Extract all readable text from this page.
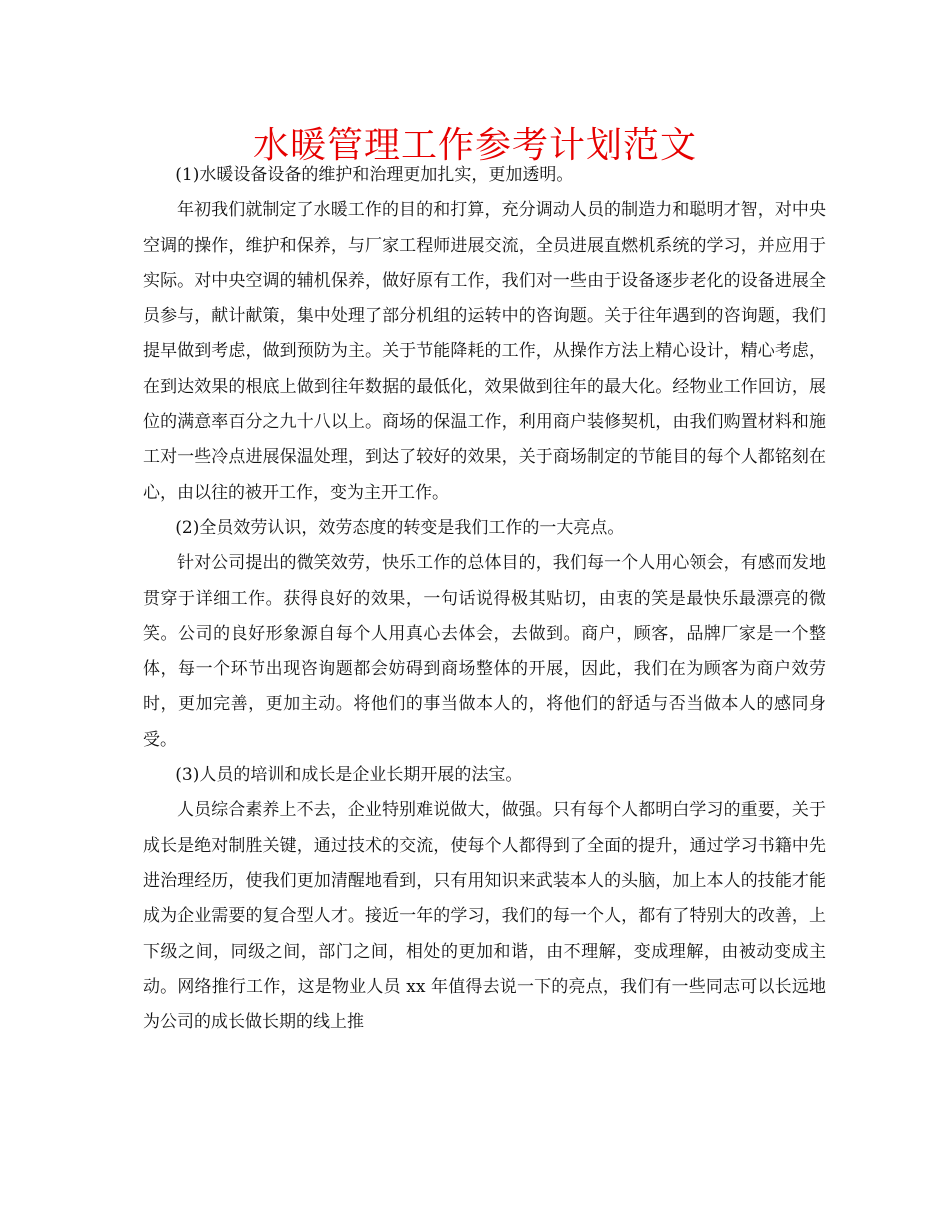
水暖管理工作参考计划范文

(1)水暖设备设备的维护和治理更加扎实，更加透明。

年初我们就制定了水暖工作的目的和打算，充分调动人员的制造力和聪明才智，对中央空调的操作，维护和保养，与厂家工程师进展交流，全员进展直燃机系统的学习，并应用于实际。对中央空调的辅机保养，做好原有工作，我们对一些由于设备逐步老化的设备进展全员参与，献计献策，集中处理了部分机组的运转中的咨询题。关于往年遇到的咨询题，我们提早做到考虑，做到预防为主。关于节能降耗的工作，从操作方法上精心设计，精心考虑，在到达效果的根底上做到往年数据的最低化，效果做到往年的最大化。经物业工作回访，展位的满意率百分之九十八以上。商场的保温工作，利用商户装修契机，由我们购置材料和施工对一些冷点进展保温处理，到达了较好的效果，关于商场制定的节能目的每个人都铭刻在心，由以往的被开工作，变为主开工作。

(2)全员效劳认识，效劳态度的转变是我们工作的一大亮点。

针对公司提出的微笑效劳，快乐工作的总体目的，我们每一个人用心领会，有感而发地贯穿于详细工作。获得良好的效果，一句话说得极其贴切，由衷的笑是最快乐最漂亮的微笑。公司的良好形象源自每个人用真心去体会，去做到。商户，顾客，品牌厂家是一个整体，每一个环节出现咨询题都会妨碍到商场整体的开展，因此，我们在为顾客为商户效劳时，更加完善，更加主动。将他们的事当做本人的，将他们的舒适与否当做本人的感同身受。

(3)人员的培训和成长是企业长期开展的法宝。

人员综合素养上不去，企业特别难说做大，做强。只有每个人都明白学习的重要，关于成长是绝对制胜关键，通过技术的交流，使每个人都得到了全面的提升，通过学习书籍中先进治理经历，使我们更加清醒地看到，只有用知识来武装本人的头脑，加上本人的技能才能成为企业需要的复合型人才。接近一年的学习，我们的每一个人，都有了特别大的改善，上下级之间，同级之间，部门之间，相处的更加和谐，由不理解，变成理解，由被动变成主动。网络推行工作，这是物业人员 xx 年值得去说一下的亮点，我们有一些同志可以长远地为公司的成长做长期的线上推
